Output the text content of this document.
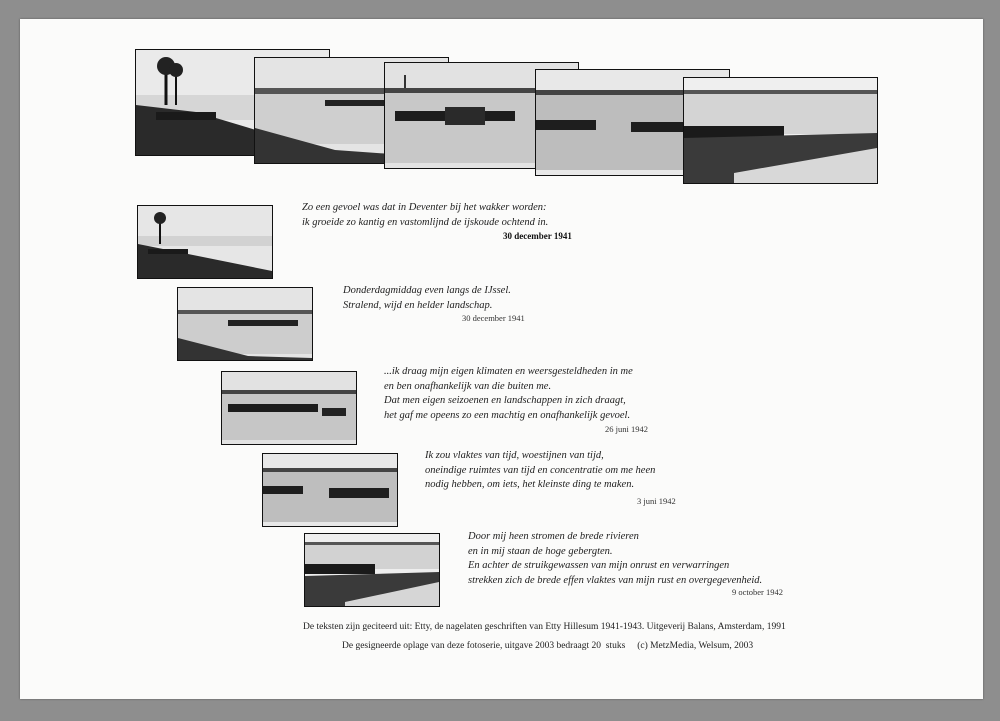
Zo een gevoel was dat in Deventer bij het wakker worden:
ik groeide zo kantig en vastomlijnd de ijskoude ochtend in.
30 december 1941
Donderdagmiddag even langs de IJssel.
Stralend, wijd en helder landschap.
30 december 1941
...ik draag mijn eigen klimaten en weersgesteldheden in me
en ben onafhankelijk van die buiten me.
Dat men eigen seizoenen en landschappen in zich draagt,
het gaf me opeens zo een machtig en onafhankelijk gevoel.
26 juni 1942
Ik zou vlaktes van tijd, woestijnen van tijd,
oneindige ruimtes van tijd en concentratie om me heen
nodig hebben, om iets, het kleinste ding te maken.
3 juni 1942
Door mij heen stromen de brede rivieren
en in mij staan de hoge gebergten.
En achter de struikgewassen van mijn onrust en verwarringen
strekken zich de brede effen vlaktes van mijn rust en overgegevenheid.
9 october 1942
De teksten zijn geciteerd uit: Etty, de nagelaten geschriften van Etty Hillesum 1941-1943. Uitgeverij Balans, Amsterdam, 1991
De gesigneerde oplage van deze fotoserie, uitgave 2003 bedraagt 20  stuks     (c) MetzMedia, Welsum, 2003
